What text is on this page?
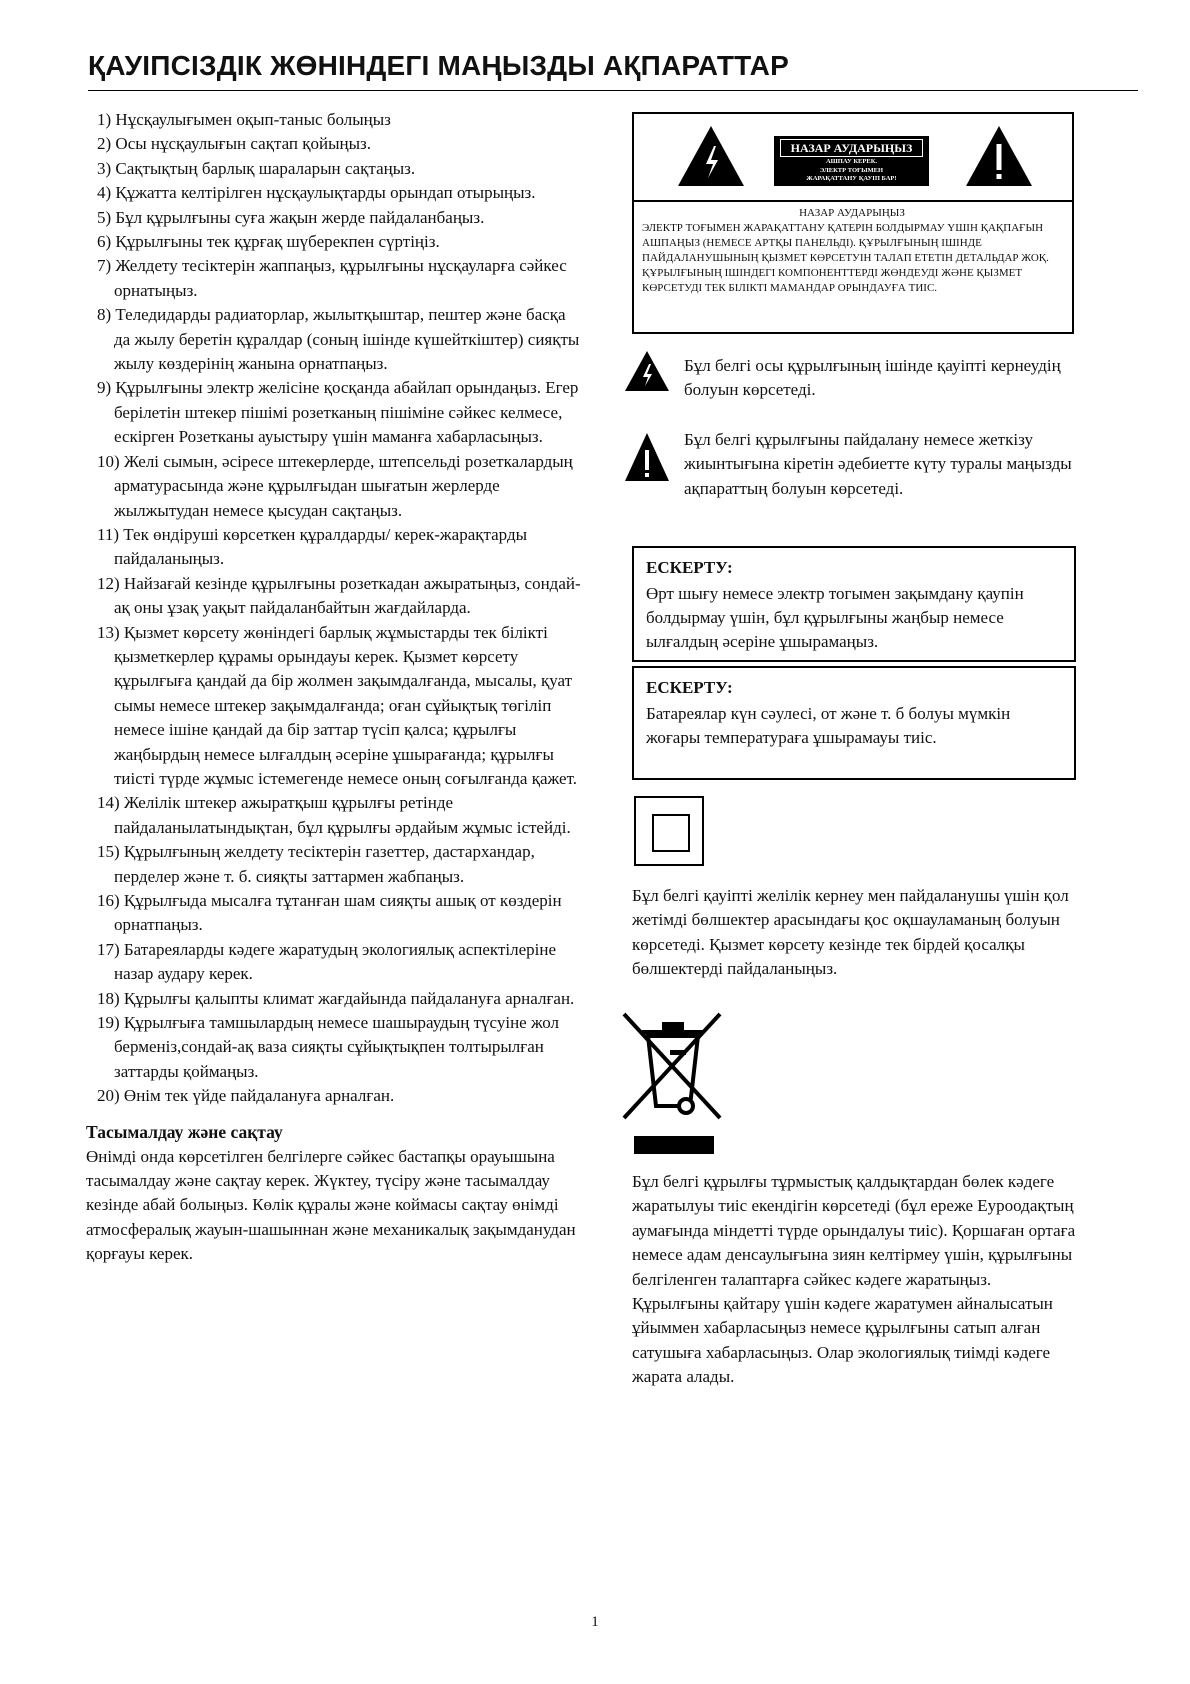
ҚАУІПСІЗДІК ЖӨНІНДЕГІ МАҢЫЗДЫ АҚПАРАТТАР
1) Нұсқаулығымен оқып-таныс болыңыз
2) Осы нұсқаулығын сақтап қойыңыз.
3) Сақтықтың барлық шараларын сақтаңыз.
4) Құжатта келтірілген нұсқаулықтарды орындап отырыңыз.
5) Бұл құрылғыны суға жақын жерде пайдаланбаңыз.
6) Құрылғыны тек құрғақ шүберекпен сүртіңіз.
7) Желдету тесіктерін жаппаңыз, құрылғыны нұсқауларға сәйкес орнатыңыз.
8) Теледидарды радиаторлар, жылытқыштар, пештер және басқа да жылу беретін құралдар (соның ішінде күшейткіштер) сияқты жылу көздерінің жанына орнатпаңыз.
9) Құрылғыны электр желісіне қосқанда абайлап орындаңыз. Егер берілетін штекер пішімі розетканың пішіміне сәйкес келмесе, ескірген Розетканы ауыстыру үшін маманға хабарласыңыз.
10) Желі сымын, әсіресе штекерлерде, штепсельді розеткалардың арматурасында және құрылғыдан шығатын жерлерде жылжытудан немесе қысудан сақтаңыз.
11) Тек өндіруші көрсеткен құралдарды/ керек-жарақтарды пайдаланыңыз.
12) Найзағай кезінде құрылғыны розеткадан ажыратыңыз, сондай-ақ оны ұзақ уақыт пайдаланбайтын жағдайларда.
13) Қызмет көрсету жөніндегі барлық жұмыстарды тек білікті қызметкерлер құрамы орындауы керек. Қызмет көрсету құрылғыға қандай да бір жолмен зақымдалғанда, мысалы, қуат сымы немесе штекер зақымдалғанда; оған сұйықтық төгіліп немесе ішіне қандай да бір заттар түсіп қалса; құрылғы жаңбырдың немесе ылғалдың әсеріне ұшырағанда; құрылғы тиісті түрде жұмыс істемегенде немесе оның соғылғанда қажет.
14) Желілік штекер ажыратқыш құрылғы ретінде пайдаланылатындықтан, бұл құрылғы әрдайым жұмыс істейді.
15) Құрылғының желдету тесіктерін газеттер, дастархандар, перделер және т. б. сияқты заттармен жабпаңыз.
16) Құрылғыда мысалға тұтанған шам сияқты ашық от көздерін орнатпаңыз.
17) Батареяларды кәдеге жаратудың экологиялық аспектілеріне назар аудару керек.
18) Құрылғы қалыпты климат жағдайында пайдалануға арналған.
19) Құрылғыға тамшылардың немесе шашыраудың түсуіне жол берменіз,сондай-ақ ваза сияқты сұйықтықпен толтырылған заттарды қоймаңыз.
20) Өнім тек үйде пайдалануға арналған.
Тасымалдау және сақтау

Өнімді онда көрсетілген белгілерге сәйкес бастапқы орауышына тасымалдау және сақтау керек. Жүктеу, түсіру және тасымалдау кезінде абай болыңыз. Көлік құралы және коймасы сақтау өнімді атмосфералық жауын-шашыннан және механикалық зақымданудан қорғауы керек.

НАЗАР АУДАРЫҢЫЗ
АШПАУ КЕРЕК.
ЭЛЕКТР ТОҒЫМЕН
ЖАРАҚАТТАНУ ҚАУІП БАР!
НАЗАР АУДАРЫҢЫЗ
ЭЛЕКТР ТОҒЫМЕН ЖАРАҚАТТАНУ ҚАТЕРІН БОЛДЫРМАУ ҮШІН ҚАҚПАҒЫН АШПАҢЫЗ (НЕМЕСЕ АРТҚЫ ПАНЕЛЬДІ). ҚҰРЫЛҒЫНЫҢ ІШІНДЕ ПАЙДАЛАНУШЫНЫҢ ҚЫЗМЕТ КӨРСЕТУІН ТАЛАП ЕТЕТІН ДЕТАЛЬДАР ЖОҚ. ҚҰРЫЛҒЫНЫҢ ІШІНДЕГІ КОМПОНЕНТТЕРДІ ЖӨНДЕУДІ ЖӘНЕ ҚЫЗМЕТ КӨРСЕТУДІ ТЕК БІЛІКТІ МАМАНДАР ОРЫНДАУҒА ТИІС.
Бұл белгі осы құрылғының ішінде қауіпті кернеудің болуын көрсетеді.
Бұл белгі құрылғыны пайдалану немесе жеткізу жиынтығына кіретін әдебиетте күту туралы маңызды ақпараттың болуын көрсетеді.
ЕСКЕРТУ:

Өрт шығу немесе электр тогымен зақымдану қаупін болдырмау үшін, бұл құрылғыны жаңбыр немесе ылғалдың әсеріне ұшырамаңыз.

ЕСКЕРТУ:

Батареялар күн сәулесі, от және т. б болуы мүмкін жоғары температураға ұшырамауы тиіс.

Бұл белгі қауіпті желілік кернеу мен пайдаланушы үшін қол жетімді бөлшектер арасындағы қос оқшауламаның болуын көрсетеді. Қызмет көрсету кезінде тек бірдей қосалқы бөлшектерді пайдаланыңыз.
Бұл белгі құрылғы тұрмыстық қалдықтардан бөлек кәдеге жаратылуы тиіс екендігін көрсетеді (бұл ереже Еуроодақтың аумағында міндетті түрде орындалуы тиіс). Қоршаған ортаға немесе адам денсаулығына зиян келтірмеу үшін, құрылғыны белгіленген талаптарға сәйкес кәдеге жаратыңыз. Құрылғыны қайтару үшін кәдеге жаратумен айналысатын ұйыммен хабарласыңыз немесе құрылғыны сатып алған сатушыға хабарласыңыз. Олар экологиялық тиімді кәдеге жарата алады.
1
